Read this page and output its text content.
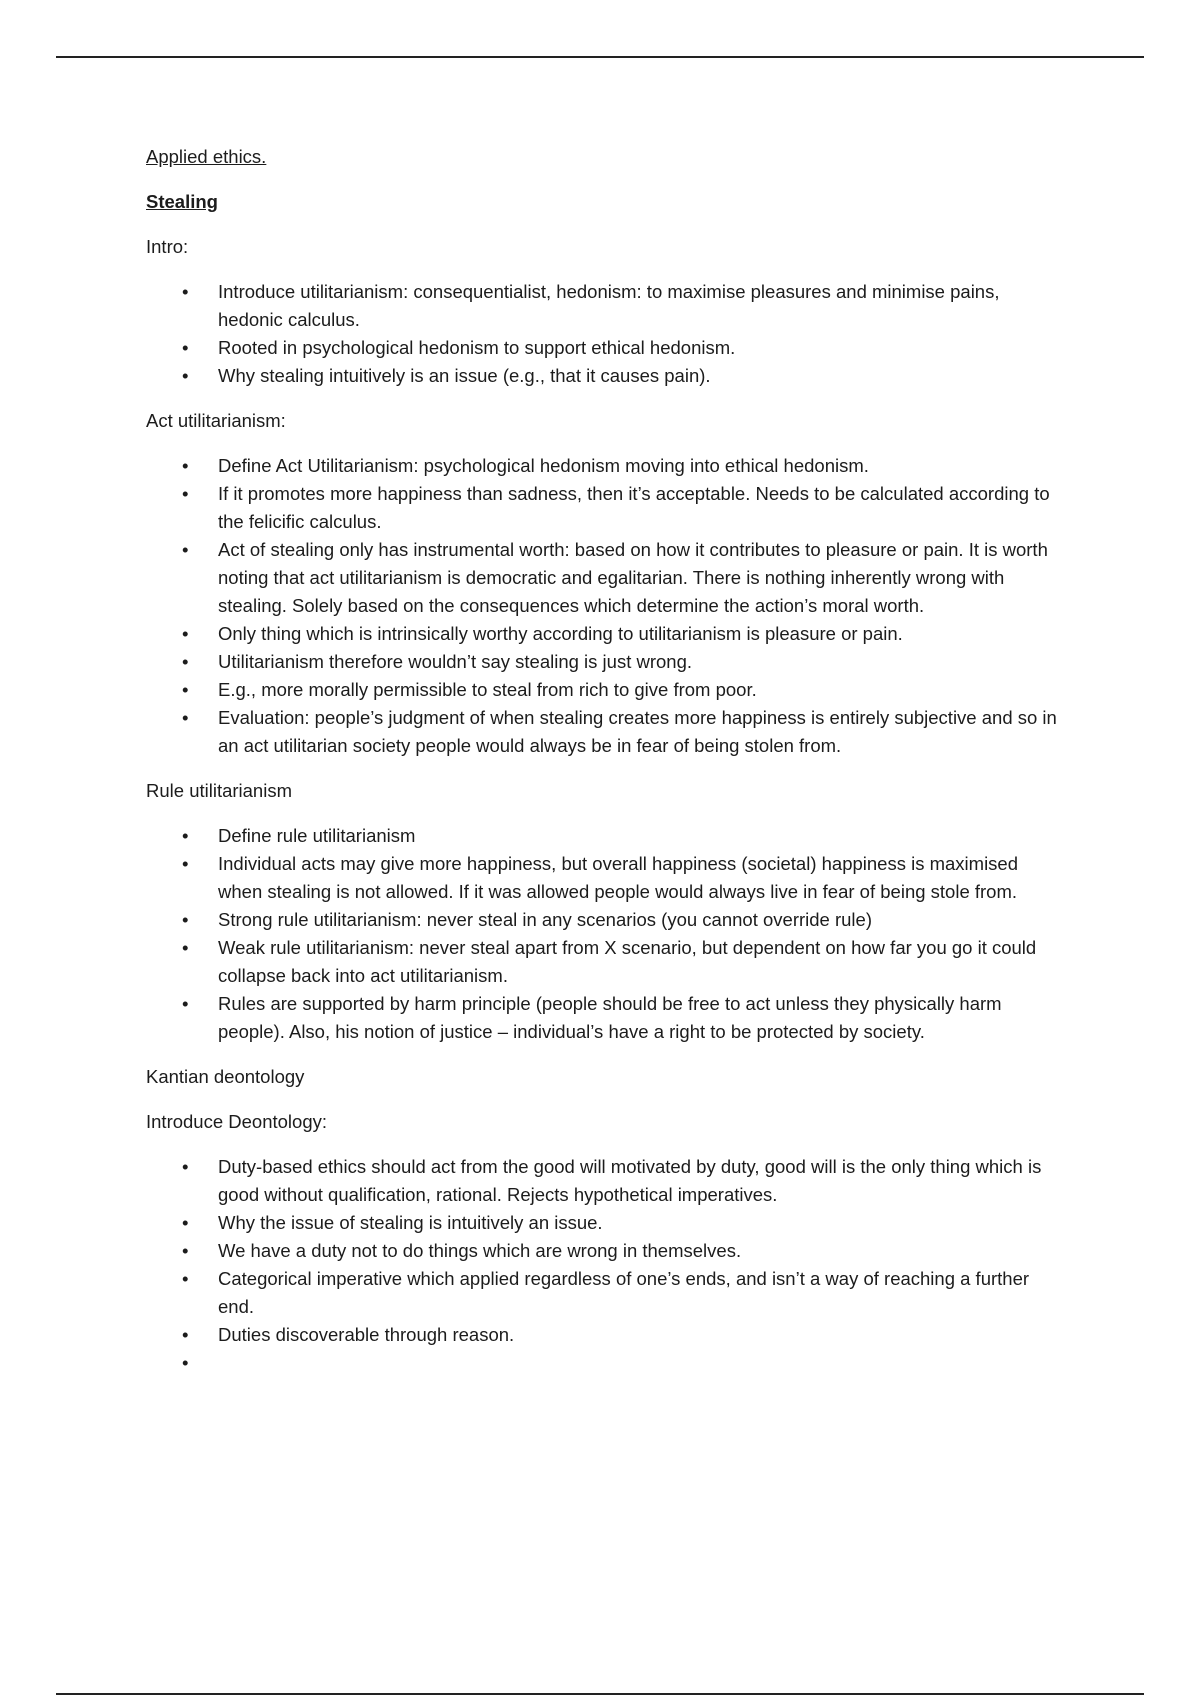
Applied ethics.

Stealing

Intro:

• Introduce utilitarianism: consequentialist, hedonism: to maximise pleasures and minimise pains, hedonic calculus.
• Rooted in psychological hedonism to support ethical hedonism.
• Why stealing intuitively is an issue (e.g., that it causes pain).

Act utilitarianism:

• Define Act Utilitarianism: psychological hedonism moving into ethical hedonism.
• If it promotes more happiness than sadness, then it’s acceptable. Needs to be calculated according to the felicific calculus.
• Act of stealing only has instrumental worth: based on how it contributes to pleasure or pain. It is worth noting that act utilitarianism is democratic and egalitarian. There is nothing inherently wrong with stealing. Solely based on the consequences which determine the action’s moral worth.
• Only thing which is intrinsically worthy according to utilitarianism is pleasure or pain.
• Utilitarianism therefore wouldn’t say stealing is just wrong.
• E.g., more morally permissible to steal from rich to give from poor.
• Evaluation: people’s judgment of when stealing creates more happiness is entirely subjective and so in an act utilitarian society people would always be in fear of being stolen from.

Rule utilitarianism

• Define rule utilitarianism
• Individual acts may give more happiness, but overall happiness (societal) happiness is maximised when stealing is not allowed. If it was allowed people would always live in fear of being stole from.
• Strong rule utilitarianism: never steal in any scenarios (you cannot override rule)
• Weak rule utilitarianism: never steal apart from X scenario, but dependent on how far you go it could collapse back into act utilitarianism.
• Rules are supported by harm principle (people should be free to act unless they physically harm people). Also, his notion of justice – individual’s have a right to be protected by society.

Kantian deontology

Introduce Deontology:

• Duty-based ethics should act from the good will motivated by duty, good will is the only thing which is good without qualification, rational. Rejects hypothetical imperatives.
• Why the issue of stealing is intuitively an issue.
• We have a duty not to do things which are wrong in themselves.
• Categorical imperative which applied regardless of one’s ends, and isn’t a way of reaching a further end.
• Duties discoverable through reason.
•
